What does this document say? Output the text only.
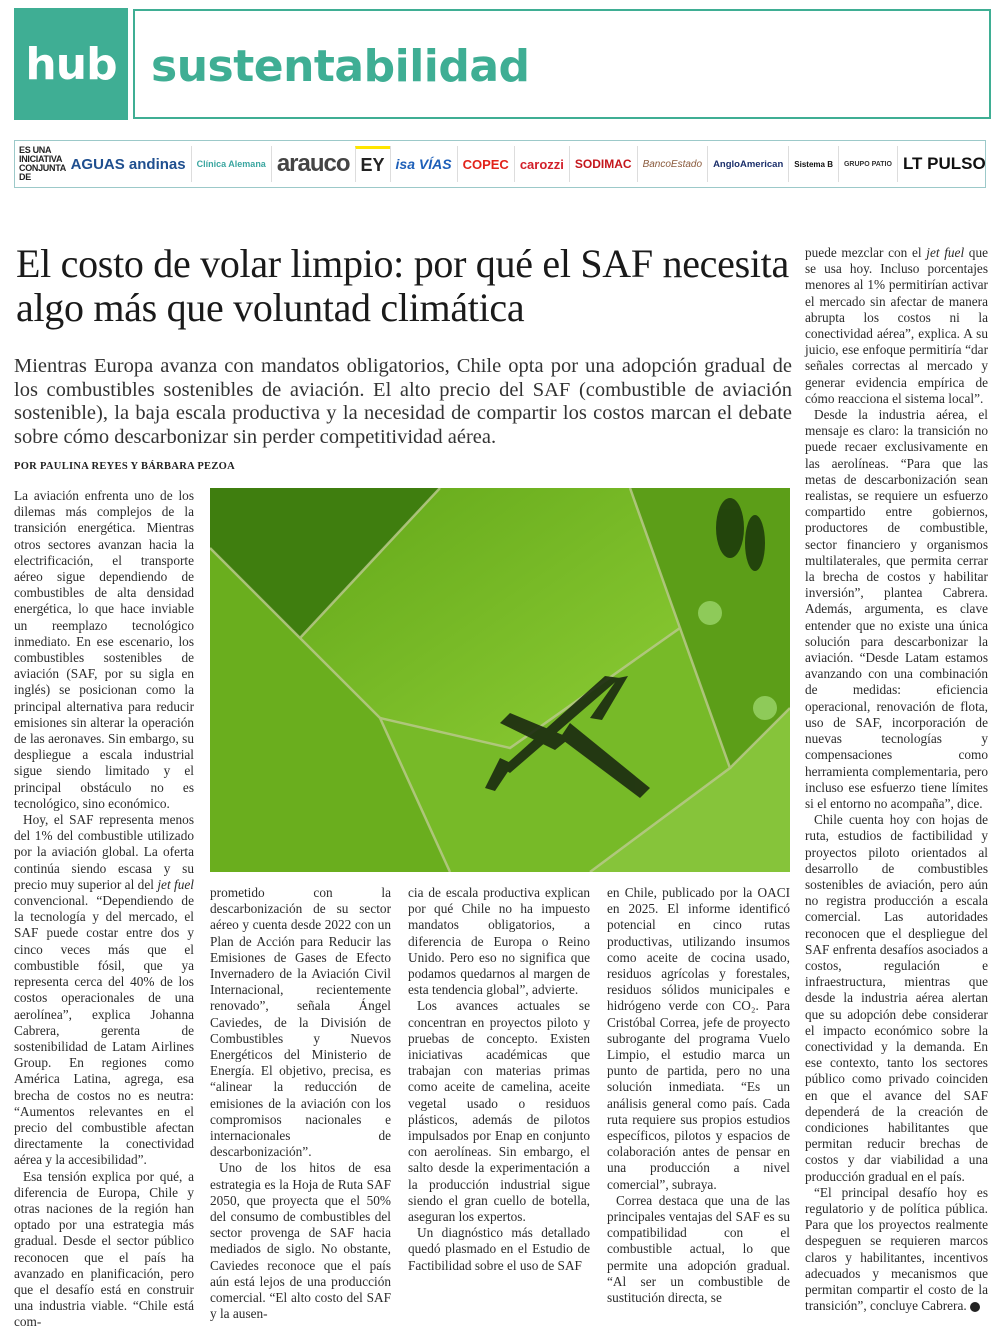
hub sustentabilidad
ES UNA INICIATIVA CONJUNTA DE
AGUAS andinas	Clínica Alemana arauco EY isa VÍAS COPEC carozzi SODIMAC	BancoEstado	AngloAmerican	Sistema B	GRUPO PATIO LT PULSO
El costo de volar limpio: por qué el SAF necesita algo más que voluntad climática

Mientras Europa avanza con mandatos obligatorios, Chile opta por una adopción gradual de los combustibles sostenibles de aviación. El alto precio del SAF (combustible de aviación sostenible), la baja escala productiva y la necesidad de compartir los costos marcan el debate sobre cómo descarbonizar sin perder competitividad aérea.

POR PAULINA REYES Y BÁRBARA PEZOA

La aviación enfrenta uno de los dilemas más complejos de la transición energética. Mientras otros sectores avanzan hacia la electrificación, el transporte aéreo sigue dependiendo de combustibles de alta densidad energética, lo que hace inviable un reemplazo tecnológico inmediato. En ese escenario, los combustibles sostenibles de aviación (SAF, por su sigla en inglés) se posicionan como la principal alternativa para reducir emisiones sin alterar la operación de las aeronaves. Sin embargo, su despliegue a escala industrial sigue siendo limitado y el principal obstáculo no es tecnológico, sino económico.

Hoy, el SAF representa menos del 1% del combustible utilizado por la aviación global. La oferta continúa siendo escasa y su precio muy superior al del jet fuel convencional. “Dependiendo de la tecnología y del mercado, el SAF puede costar entre dos y cinco veces más que el combustible fósil, que ya representa cerca del 40% de los costos operacionales de una aerolínea”, explica Johanna Cabrera, gerenta de sostenibilidad de Latam Airlines Group. En regiones como América Latina, agrega, esa brecha de costos no es neutra: “Aumentos relevantes en el precio del combustible afectan directamente la conectividad aérea y la accesibilidad”.

Esa tensión explica por qué, a diferencia de Europa, Chile y otras naciones de la región han optado por una estrategia más gradual. Desde el sector público reconocen que el país ha avanzado en planificación, pero que el desafío está en construir una industria viable. “Chile está com-

prometido con la descarbonización de su sector aéreo y cuenta desde 2022 con un Plan de Acción para Reducir las Emisiones de Gases de Efecto Invernadero de la Aviación Civil Internacional, recientemente renovado”, señala Ángel Caviedes, de la División de Combustibles y Nuevos Energéticos del Ministerio de Energía. El objetivo, precisa, es “alinear la reducción de emisiones de la aviación con los compromisos nacionales e internacionales de descarbonización”.

Uno de los hitos de esa estrategia es la Hoja de Ruta SAF 2050, que proyecta que el 50% del consumo de combustibles del sector provenga de SAF hacia mediados de siglo. No obstante, Caviedes reconoce que el país aún está lejos de una producción comercial. “El alto costo del SAF y la ausen-

cia de escala productiva explican por qué Chile no ha impuesto mandatos obligatorios, a diferencia de Europa o Reino Unido. Pero eso no significa que podamos quedarnos al margen de esta tendencia global”, advierte.

Los avances actuales se concentran en proyectos piloto y pruebas de concepto. Existen iniciativas académicas que trabajan con materias primas como aceite de camelina, aceite vegetal usado o residuos plásticos, además de pilotos impulsados por Enap en conjunto con aerolíneas. Sin embargo, el salto desde la experimentación a la producción industrial sigue siendo el gran cuello de botella, aseguran los expertos.

Un diagnóstico más detallado quedó plasmado en el Estudio de Factibilidad sobre el uso de SAF

en Chile, publicado por la OACI en 2025. El informe identificó potencial en cinco rutas productivas, utilizando insumos como aceite de cocina usado, residuos agrícolas y forestales, residuos sólidos municipales e hidrógeno verde con CO₂. Para Cristóbal Correa, jefe de proyecto subrogante del programa Vuelo Limpio, el estudio marca un punto de partida, pero no una solución inmediata. “Es un análisis general como país. Cada ruta requiere sus propios estudios específicos, pilotos y espacios de colaboración antes de pensar en una producción a nivel comercial”, subraya.

Correa destaca que una de las principales ventajas del SAF es su compatibilidad con el combustible actual, lo que permite una adopción gradual. “Al ser un combustible de sustitución directa, se

puede mezclar con el jet fuel que se usa hoy. Incluso porcentajes menores al 1% permitirían activar el mercado sin afectar de manera abrupta los costos ni la conectividad aérea”, explica. A su juicio, ese enfoque permitiría “dar señales correctas al mercado y generar evidencia empírica de cómo reacciona el sistema local”.

Desde la industria aérea, el mensaje es claro: la transición no puede recaer exclusivamente en las aerolíneas. “Para que las metas de descarbonización sean realistas, se requiere un esfuerzo compartido entre gobiernos, productores de combustible, sector financiero y organismos multilaterales, que permita cerrar la brecha de costos y habilitar inversión”, plantea Cabrera. Además, argumenta, es clave entender que no existe una única solución para descarbonizar la aviación. “Desde Latam estamos avanzando con una combinación de medidas: eficiencia operacional, renovación de flota, uso de SAF, incorporación de nuevas tecnologías y compensaciones como herramienta complementaria, pero incluso ese esfuerzo tiene límites si el entorno no acompaña”, dice.

Chile cuenta hoy con hojas de ruta, estudios de factibilidad y proyectos piloto orientados al desarrollo de combustibles sostenibles de aviación, pero aún no registra producción a escala comercial. Las autoridades reconocen que el despliegue del SAF enfrenta desafíos asociados a costos, regulación e infraestructura, mientras que desde la industria aérea alertan que su adopción debe considerar el impacto económico sobre la conectividad y la demanda. En ese contexto, tanto los sectores público como privado coinciden en que el avance del SAF dependerá de la creación de condiciones habilitantes que permitan reducir brechas de costos y dar viabilidad a una producción gradual en el país.

“El principal desafío hoy es regulatorio y de política pública. Para que los proyectos realmente despeguen se requieren marcos claros y habilitantes, incentivos adecuados y mecanismos que permitan compartir el costo de la transición”, concluye Cabrera.
